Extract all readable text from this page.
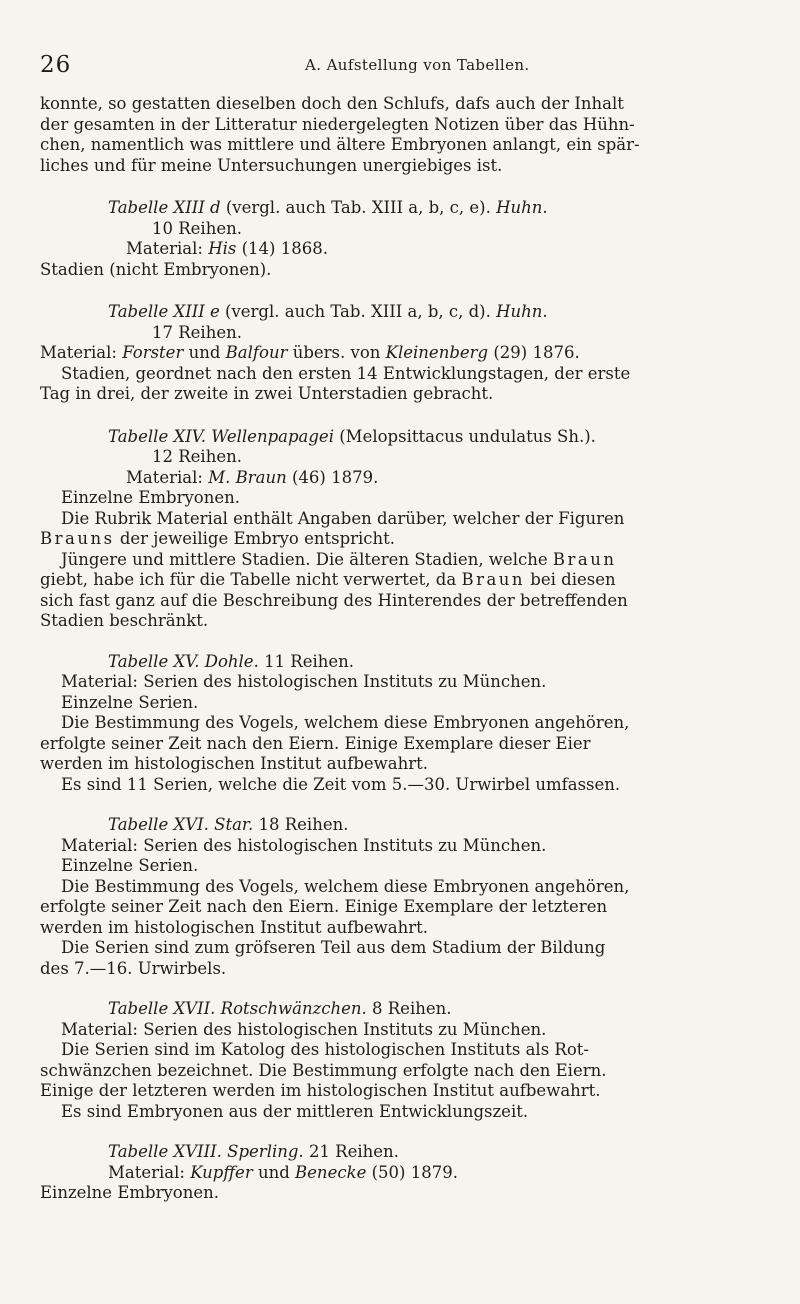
26	A. Aufstellung von Tabellen.

konnte, so gestatten dieselben doch den Schlufs, dafs auch der Inhalt

der gesamten in der Litteratur niedergelegten Notizen über das Hühn-

chen, namentlich was mittlere und ältere Embryonen anlangt, ein spär-

liches und für meine Untersuchungen unergiebiges ist.

Tabelle XIII d (vergl. auch Tab. XIII a, b, c, e). Huhn.

10 Reihen.

Material: His (14) 1868.

Stadien (nicht Embryonen).

Tabelle XIII e (vergl. auch Tab. XIII a, b, c, d). Huhn.

17 Reihen.

Material: Forster und Balfour übers. von Kleinenberg (29) 1876.

Stadien, geordnet nach den ersten 14 Entwicklungstagen, der erste

Tag in drei, der zweite in zwei Unterstadien gebracht.

Tabelle XIV. Wellenpapagei (Melopsittacus undulatus Sh.).

12 Reihen.

Material: M. Braun (46) 1879.

Einzelne Embryonen.

Die Rubrik Material enthält Angaben darüber, welcher der Figuren

Brauns der jeweilige Embryo entspricht.

Jüngere und mittlere Stadien. Die älteren Stadien, welche Braun

giebt, habe ich für die Tabelle nicht verwertet, da Braun bei diesen

sich fast ganz auf die Beschreibung des Hinterendes der betreffenden

Stadien beschränkt.

Tabelle XV. Dohle. 11 Reihen.

Material: Serien des histologischen Instituts zu München.

Einzelne Serien.

Die Bestimmung des Vogels, welchem diese Embryonen angehören,

erfolgte seiner Zeit nach den Eiern. Einige Exemplare dieser Eier

werden im histologischen Institut aufbewahrt.

Es sind 11 Serien, welche die Zeit vom 5.—30. Urwirbel umfassen.

Tabelle XVI. Star. 18 Reihen.

Material: Serien des histologischen Instituts zu München.

Einzelne Serien.

Die Bestimmung des Vogels, welchem diese Embryonen angehören,

erfolgte seiner Zeit nach den Eiern. Einige Exemplare der letzteren

werden im histologischen Institut aufbewahrt.

Die Serien sind zum gröfseren Teil aus dem Stadium der Bildung

des 7.—16. Urwirbels.

Tabelle XVII. Rotschwänzchen. 8 Reihen.

Material: Serien des histologischen Instituts zu München.

Die Serien sind im Katolog des histologischen Instituts als Rot-

schwänzchen bezeichnet. Die Bestimmung erfolgte nach den Eiern.

Einige der letzteren werden im histologischen Institut aufbewahrt.

Es sind Embryonen aus der mittleren Entwicklungszeit.

Tabelle XVIII. Sperling. 21 Reihen.

Material: Kupffer und Benecke (50) 1879.

Einzelne Embryonen.
